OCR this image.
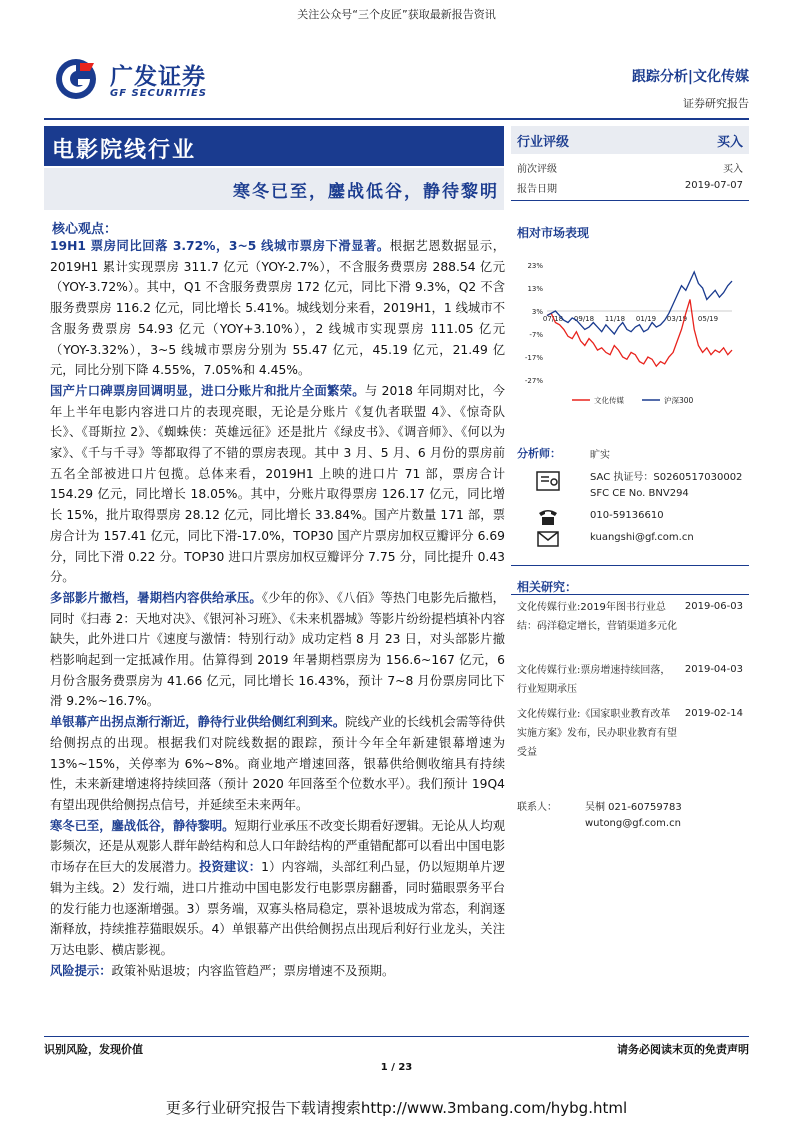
关注公众号“三个皮匠”获取最新报告资讯
广发证券
GF SECURITIES
跟踪分析|文化传媒
证券研究报告
电影院线行业
寒冬已至，鏖战低谷，静待黎明
行业评级	买入
前次评级	买入
报告日期	2019-07-07
相对市场表现
23%
13%
3%
-7%
-17%
-27%
07/18 09/18 11/18 01/19 03/19 05/19
文化传媒	沪深300
分析师：	旷实
SAC 执证号：S0260517030002
SFC CE No. BNV294
010-59136610
kuangshi@gf.com.cn
相关研究：
文化传媒行业:2019年图书行业总结：码洋稳定增长，营销渠道多元化
2019-06-03
文化传媒行业:票房增速持续回落，行业短期承压
2019-04-03
文化传媒行业:《国家职业教育改革实施方案》发布，民办职业教育有望受益
2019-02-14
联系人：	吴桐 021-60759783
wutong@gf.com.cn
核心观点：

19H1 票房同比回落 3.72%，3~5 线城市票房下滑显著。根据艺恩数据显示，2019H1 累计实现票房 311.7 亿元（YOY-2.7%），不含服务费票房 288.54 亿元（YOY-3.72%）。其中，Q1 不含服务费票房 172 亿元，同比下滑 9.3%，Q2 不含服务费票房 116.2 亿元，同比增长 5.41%。城线划分来看，2019H1，1 线城市不含服务费票房 54.93 亿元（YOY+3.10%），2 线城市实现票房 111.05 亿元（YOY-3.32%），3~5 线城市票房分别为 55.47 亿元，45.19 亿元，21.49 亿元，同比分别下降 4.55%，7.05%和 4.45%。

国产片口碑票房回调明显，进口分账片和批片全面繁荣。与 2018 年同期对比，今年上半年电影内容进口片的表现亮眼，无论是分账片《复仇者联盟 4》、《惊奇队长》、《哥斯拉 2》、《蜘蛛侠：英雄远征》还是批片《绿皮书》、《调音师》、《何以为家》、《千与千寻》等都取得了不错的票房表现。其中 3 月、5 月、6 月份的票房前五名全部被进口片包揽。总体来看，2019H1 上映的进口片 71 部，票房合计 154.29 亿元，同比增长 18.05%。其中，分账片取得票房 126.17 亿元，同比增长 15%，批片取得票房 28.12 亿元，同比增长 33.84%。国产片数量 171 部，票房合计为 157.41 亿元，同比下滑-17.0%，TOP30 国产片票房加权豆瓣评分 6.69 分，同比下滑 0.22 分。TOP30 进口片票房加权豆瓣评分 7.75 分，同比提升 0.43 分。

多部影片撤档，暑期档内容供给承压。《少年的你》、《八佰》等热门电影先后撤档，同时《扫毒 2：天地对决》、《银河补习班》、《未来机器城》等影片纷纷提档填补内容缺失，此外进口片《速度与激情：特别行动》成功定档 8 月 23 日，对头部影片撤档影响起到一定抵减作用。估算得到 2019 年暑期档票房为 156.6~167 亿元，6 月份含服务费票房为 41.66 亿元，同比增长 16.43%，预计 7~8 月份票房同比下滑 9.2%~16.7%。

单银幕产出拐点渐行渐近，静待行业供给侧红利到来。院线产业的长线机会需等待供给侧拐点的出现。根据我们对院线数据的跟踪，预计今年全年新建银幕增速为 13%~15%，关停率为 6%~8%。商业地产增速回落，银幕供给侧收缩具有持续性，未来新建增速将持续回落（预计 2020 年回落至个位数水平）。我们预计 19Q4 有望出现供给侧拐点信号，并延续至未来两年。

寒冬已至，鏖战低谷，静待黎明。短期行业承压不改变长期看好逻辑。无论从人均观影频次，还是从观影人群年龄结构和总人口年龄结构的严重错配都可以看出中国电影市场存在巨大的发展潜力。投资建议：1）内容端，头部红利凸显，仍以短期单片逻辑为主线。2）发行端，进口片推动中国电影发行电影票房翻番，同时猫眼票务平台的发行能力也逐渐增强。3）票务端，双寡头格局稳定，票补退坡成为常态，利润逐渐释放，持续推荐猫眼娱乐。4）单银幕产出供给侧拐点出现后利好行业龙头，关注万达电影、横店影视。

风险提示：政策补贴退坡；内容监管趋严；票房增速不及预期。

识别风险，发现价值	请务必阅读末页的免责声明
1 / 23
更多行业研究报告下载请搜索http://www.3mbang.com/hybg.html
